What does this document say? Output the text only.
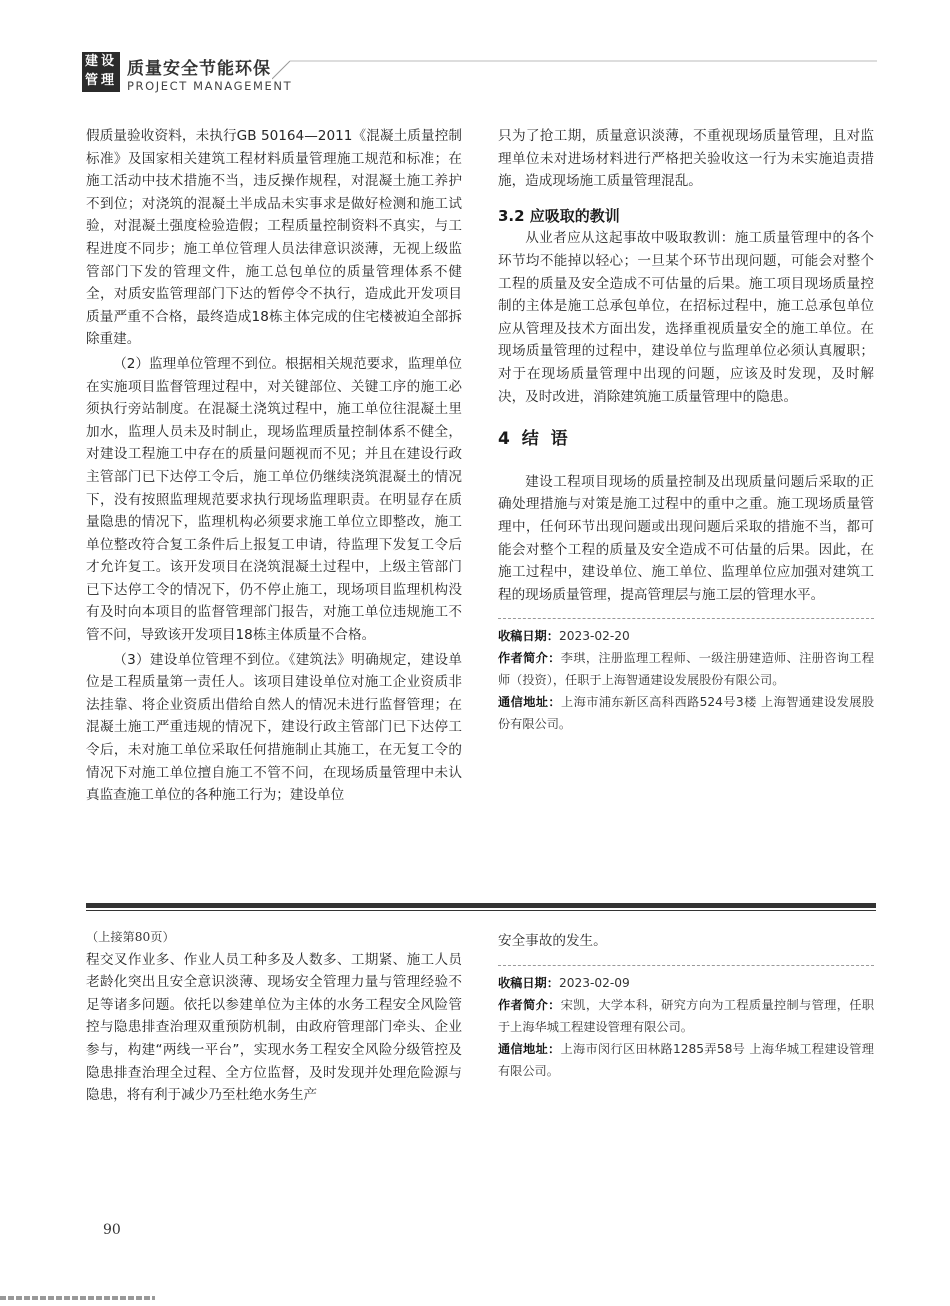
建设
管理
质量安全节能环保
PROJECT MANAGEMENT

假质量验收资料，未执行GB 50164—2011《混凝土质量控制标准》及国家相关建筑工程材料质量管理施工规范和标准；在施工活动中技术措施不当，违反操作规程，对混凝土施工养护不到位；对浇筑的混凝土半成品未实事求是做好检测和施工试验，对混凝土强度检验造假；工程质量控制资料不真实，与工程进度不同步；施工单位管理人员法律意识淡薄，无视上级监管部门下发的管理文件，施工总包单位的质量管理体系不健全，对质安监管理部门下达的暂停令不执行，造成此开发项目质量严重不合格，最终造成18栋主体完成的住宅楼被迫全部拆除重建。

（2）监理单位管理不到位。根据相关规范要求，监理单位在实施项目监督管理过程中，对关键部位、关键工序的施工必须执行旁站制度。在混凝土浇筑过程中，施工单位往混凝土里加水，监理人员未及时制止，现场监理质量控制体系不健全，对建设工程施工中存在的质量问题视而不见；并且在建设行政主管部门已下达停工令后，施工单位仍继续浇筑混凝土的情况下，没有按照监理规范要求执行现场监理职责。在明显存在质量隐患的情况下，监理机构必须要求施工单位立即整改，施工单位整改符合复工条件后上报复工申请，待监理下发复工令后才允许复工。该开发项目在浇筑混凝土过程中，上级主管部门已下达停工令的情况下，仍不停止施工，现场项目监理机构没有及时向本项目的监督管理部门报告，对施工单位违规施工不管不问，导致该开发项目18栋主体质量不合格。

（3）建设单位管理不到位。《建筑法》明确规定，建设单位是工程质量第一责任人。该项目建设单位对施工企业资质非法挂靠、将企业资质出借给自然人的情况未进行监督管理；在混凝土施工严重违规的情况下，建设行政主管部门已下达停工令后，未对施工单位采取任何措施制止其施工，在无复工令的情况下对施工单位擅自施工不管不问，在现场质量管理中未认真监查施工单位的各种施工行为；建设单位

只为了抢工期，质量意识淡薄，不重视现场质量管理，且对监理单位未对进场材料进行严格把关验收这一行为未实施追责措施，造成现场施工质量管理混乱。

3.2 应吸取的教训

从业者应从这起事故中吸取教训：施工质量管理中的各个环节均不能掉以轻心；一旦某个环节出现问题，可能会对整个工程的质量及安全造成不可估量的后果。施工项目现场质量控制的主体是施工总承包单位，在招标过程中，施工总承包单位应从管理及技术方面出发，选择重视质量安全的施工单位。在现场质量管理的过程中，建设单位与监理单位必须认真履职；对于在现场质量管理中出现的问题，应该及时发现，及时解决，及时改进，消除建筑施工质量管理中的隐患。

4 结 语

建设工程项目现场的质量控制及出现质量问题后采取的正确处理措施与对策是施工过程中的重中之重。施工现场质量管理中，任何环节出现问题或出现问题后采取的措施不当，都可能会对整个工程的质量及安全造成不可估量的后果。因此，在施工过程中，建设单位、施工单位、监理单位应加强对建筑工程的现场质量管理，提高管理层与施工层的管理水平。

收稿日期：2023-02-20
作者简介：李琪，注册监理工程师、一级注册建造师、注册咨询工程师（投资），任职于上海智通建设发展股份有限公司。
通信地址：上海市浦东新区高科西路524号3楼 上海智通建设发展股份有限公司。
（上接第80页）

程交叉作业多、作业人员工种多及人数多、工期紧、施工人员老龄化突出且安全意识淡薄、现场安全管理力量与管理经验不足等诸多问题。依托以参建单位为主体的水务工程安全风险管控与隐患排查治理双重预防机制，由政府管理部门牵头、企业参与，构建“两线一平台”，实现水务工程安全风险分级管控及隐患排查治理全过程、全方位监督，及时发现并处理危险源与隐患，将有利于减少乃至杜绝水务生产

安全事故的发生。

收稿日期：2023-02-09
作者简介：宋凯，大学本科，研究方向为工程质量控制与管理，任职于上海华城工程建设管理有限公司。
通信地址：上海市闵行区田林路1285弄58号 上海华城工程建设管理有限公司。
90
